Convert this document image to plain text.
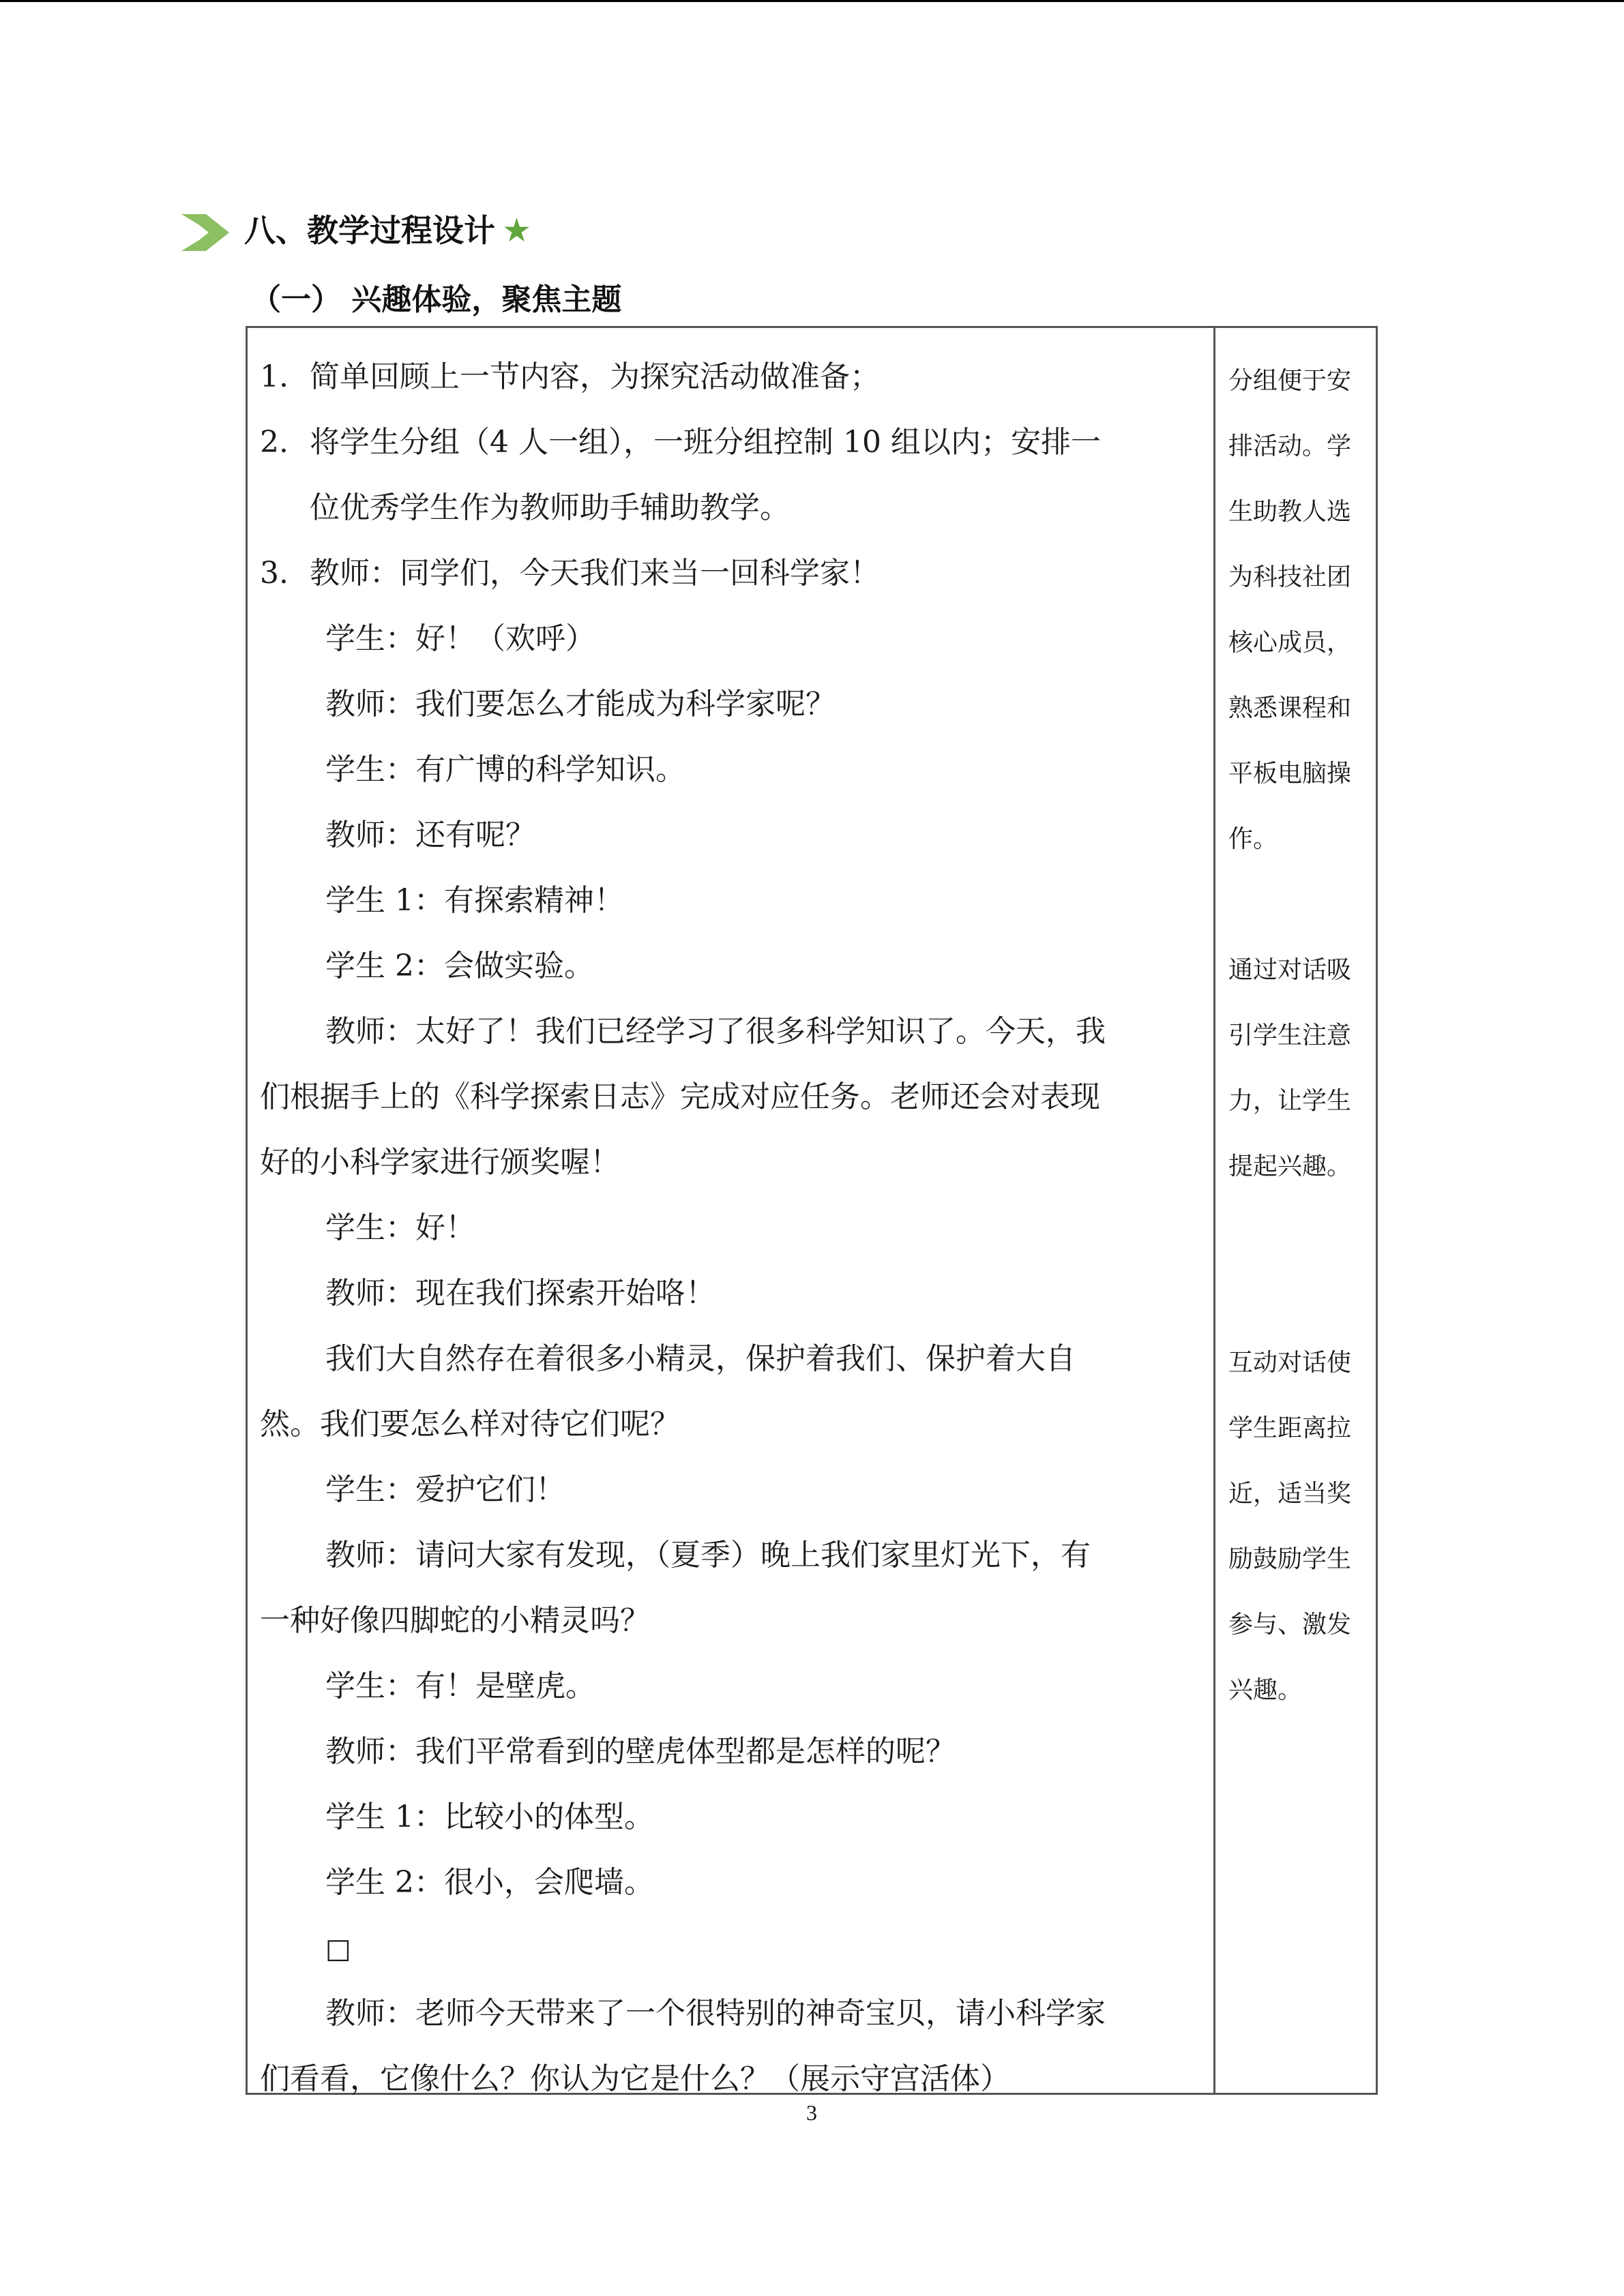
八、教学过程设计 ★
（一） 兴趣体验，聚焦主题
1. 简单回顾上一节内容，为探究活动做准备；
2. 将学生分组（4 人一组），一班分组控制 10 组以内；安排一
位优秀学生作为教师助手辅助教学。
3. 教师：同学们，今天我们来当一回科学家！
学生：好！（欢呼）
教师：我们要怎么才能成为科学家呢？
学生：有广博的科学知识。
教师：还有呢？
学生 1：有探索精神！
学生 2：会做实验。
教师：太好了！我们已经学习了很多科学知识了。今天，我
们根据手上的《科学探索日志》完成对应任务。老师还会对表现
好的小科学家进行颁奖喔！
学生：好！
教师：现在我们探索开始咯！
我们大自然存在着很多小精灵，保护着我们、保护着大自
然。我们要怎么样对待它们呢？
学生：爱护它们！
教师：请问大家有发现，（夏季）晚上我们家里灯光下，有
一种好像四脚蛇的小精灵吗？
学生：有！是壁虎。
教师：我们平常看到的壁虎体型都是怎样的呢？
学生 1：比较小的体型。
学生 2：很小，会爬墙。
□
教师：老师今天带来了一个很特别的神奇宝贝，请小科学家
们看看，它像什么？你认为它是什么？（展示守宫活体）
分组便于安
排活动。学
生助教人选
为科技社团
核心成员，
熟悉课程和
平板电脑操
作。
通过对话吸
引学生注意
力，让学生
提起兴趣。
互动对话使
学生距离拉
近，适当奖
励鼓励学生
参与、激发
兴趣。
3
